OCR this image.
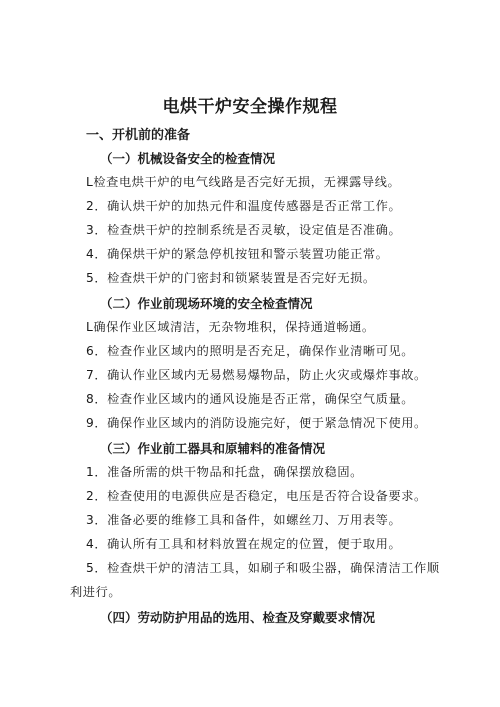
电烘干炉安全操作规程
一、开机前的准备
（一）机械设备安全的检查情况
L检查电烘干炉的电气线路是否完好无损，无裸露导线。
2．确认烘干炉的加热元件和温度传感器是否正常工作。
3．检查烘干炉的控制系统是否灵敏，设定值是否准确。
4．确保烘干炉的紧急停机按钮和警示装置功能正常。
5．检查烘干炉的门密封和锁紧装置是否完好无损。
（二）作业前现场环境的安全检查情况
L确保作业区域清洁，无杂物堆积，保持通道畅通。
6．检查作业区域内的照明是否充足，确保作业清晰可见。
7．确认作业区域内无易燃易爆物品，防止火灾或爆炸事故。
8．检查作业区域内的通风设施是否正常，确保空气质量。
9．确保作业区域内的消防设施完好，便于紧急情况下使用。
（三）作业前工器具和原辅料的准备情况
1．准备所需的烘干物品和托盘，确保摆放稳固。
2．检查使用的电源供应是否稳定，电压是否符合设备要求。
3．准备必要的维修工具和备件，如螺丝刀、万用表等。
4．确认所有工具和材料放置在规定的位置，便于取用。
5．检查烘干炉的清洁工具，如刷子和吸尘器，确保清洁工作顺
利进行。
（四）劳动防护用品的选用、检查及穿戴要求情况
